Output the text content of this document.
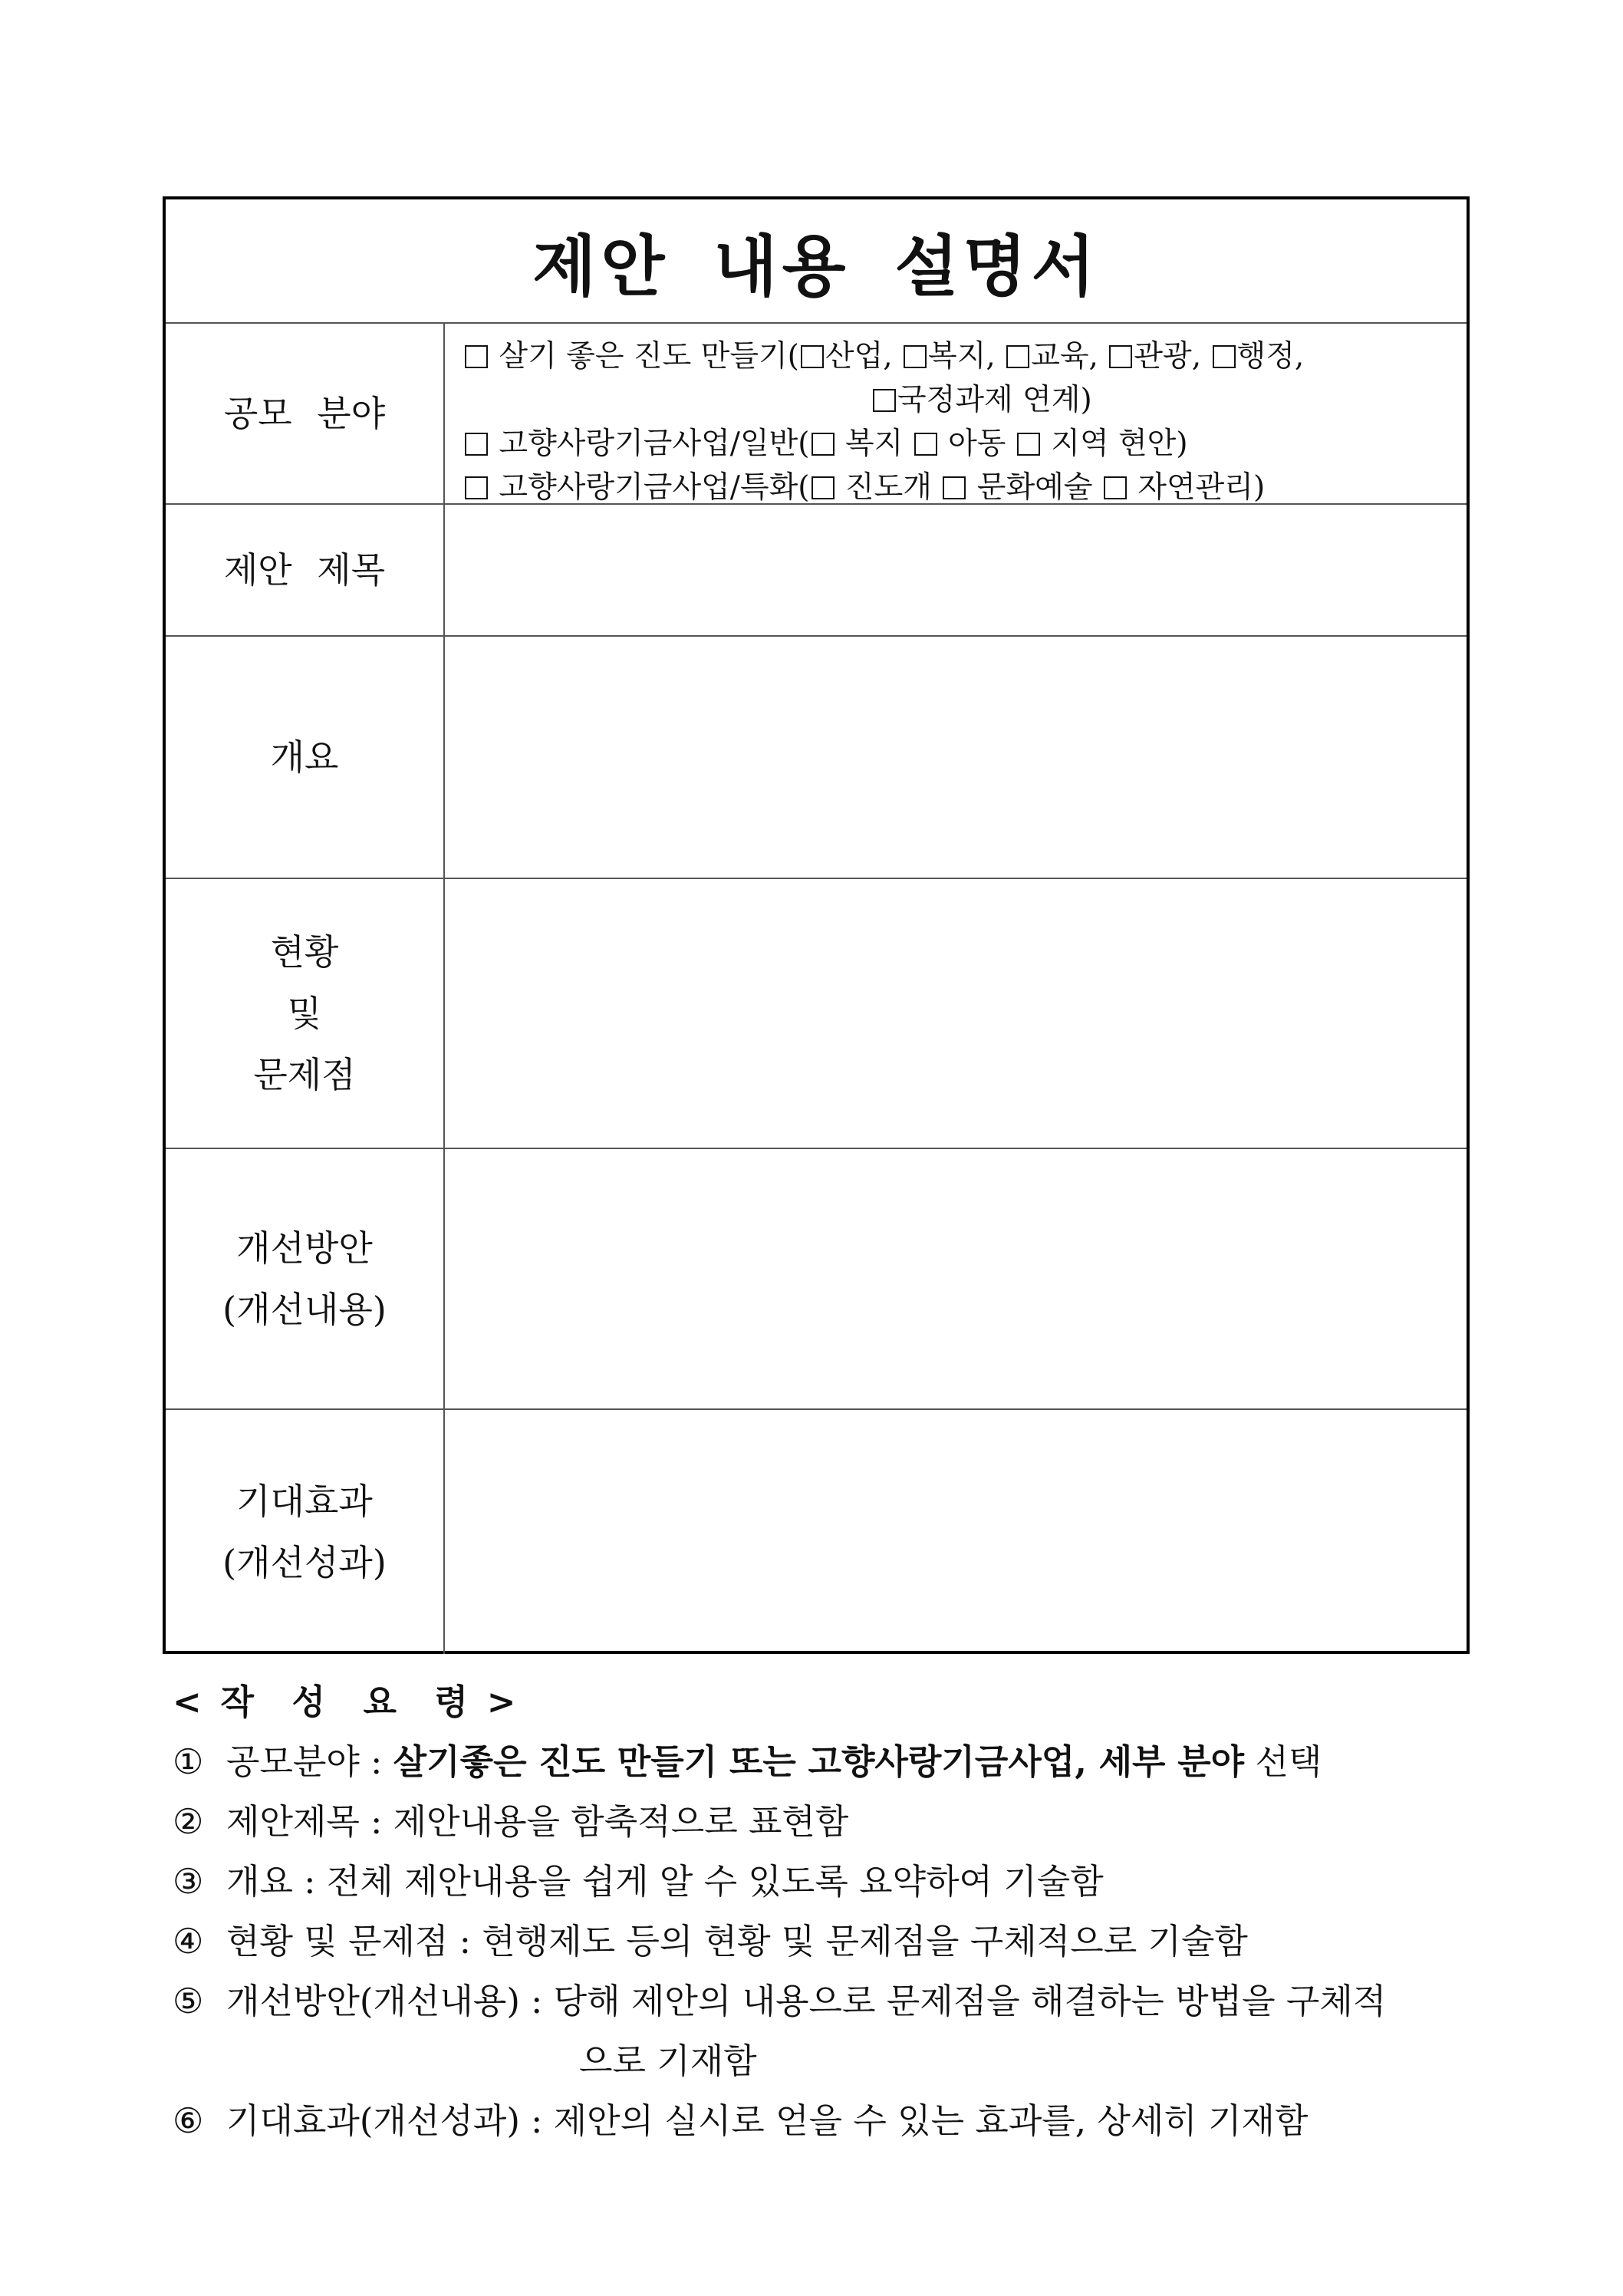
제안 내용 설명서
공모 분야
살기 좋은 진도 만들기( 산업, 복지, 교육, 관광, 행정,
국정과제 연계)
고향사랑기금사업/일반( 복지 아동 지역 현안)
고향사랑기금사업/특화( 진도개 문화예술 자연관리)
제안 제목
개요
현황
및
문제점
개선방안
(개선내용)
기대효과
(개선성과)
< 작 성 요 령 >
① 공모분야 : 살기좋은 진도 만들기 또는 고향사랑기금사업, 세부 분야 선택
② 제안제목 : 제안내용을 함축적으로 표현함
③ 개요 : 전체 제안내용을 쉽게 알 수 있도록 요약하여 기술함
④ 현황 및 문제점 : 현행제도 등의 현황 및 문제점을 구체적으로 기술함
⑤ 개선방안(개선내용) : 당해 제안의 내용으로 문제점을 해결하는 방법을 구체적
으로 기재함
⑥ 기대효과(개선성과) : 제안의 실시로 얻을 수 있는 효과를, 상세히 기재함
